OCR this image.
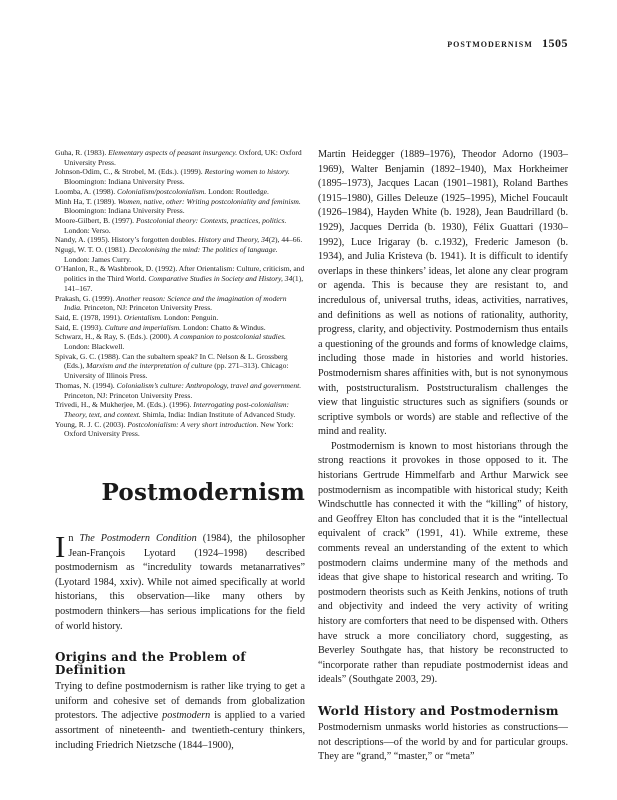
postmodernism 1505

Guha, R. (1983). Elementary aspects of peasant insurgency. Oxford, UK: Oxford University Press.

Johnson-Odim, C., & Strobel, M. (Eds.). (1999). Restoring women to history. Bloomington: Indiana University Press.

Loomba, A. (1998). Colonialism/postcolonialism. London: Routledge.

Minh Ha, T. (1989). Women, native, other: Writing postcoloniality and feminism. Bloomington: Indiana University Press.

Moore-Gilbert, B. (1997). Postcolonial theory: Contexts, practices, politics. London: Verso.

Nandy, A. (1995). History’s forgotten doubles. History and Theory, 34(2), 44–66.

Ngugi, W. T. O. (1981). Decolonising the mind: The politics of language. London: James Curry.

O’Hanlon, R., & Washbrook, D. (1992). After Orientalism: Culture, criticism, and politics in the Third World. Comparative Studies in Society and History, 34(1), 141–167.

Prakash, G. (1999). Another reason: Science and the imagination of modern India. Princeton, NJ: Princeton University Press.

Said, E. (1978, 1991). Orientalism. London: Penguin.

Said, E. (1993). Culture and imperialism. London: Chatto & Windus.

Schwarz, H., & Ray, S. (Eds.). (2000). A companion to postcolonial studies. London: Blackwell.

Spivak, G. C. (1988). Can the subaltern speak? In C. Nelson & L. Grossberg (Eds.), Marxism and the interpretation of culture (pp. 271–313). Chicago: University of Illinois Press.

Thomas, N. (1994). Colonialism’s culture: Anthropology, travel and government. Princeton, NJ: Princeton University Press.

Trivedi, H., & Mukherjee, M. (Eds.). (1996). Interrogating post-colonialism: Theory, text, and context. Shimla, India: Indian Institute of Advanced Study.

Young, R. J. C. (2003). Postcolonialism: A very short introduction. New York: Oxford University Press.

Postmodernism

In The Postmodern Condition (1984), the philosopher Jean-François Lyotard (1924–1998) described postmodernism as “incredulity towards metanarratives” (Lyotard 1984, xxiv). While not aimed specifically at world historians, this observation—like many others by postmodern thinkers—has serious implications for the field of world history.

Origins and the Problem of Definition

Trying to define postmodernism is rather like trying to get a uniform and cohesive set of demands from globalization protestors. The adjective postmodern is applied to a varied assortment of nineteenth- and twentieth-century thinkers, including Friedrich Nietzsche (1844–1900),

Martin Heidegger (1889–1976), Theodor Adorno (1903–1969), Walter Benjamin (1892–1940), Max Horkheimer (1895–1973), Jacques Lacan (1901–1981), Roland Barthes (1915–1980), Gilles Deleuze (1925–1995), Michel Foucault (1926–1984), Hayden White (b. 1928), Jean Baudrillard (b. 1929), Jacques Derrida (b. 1930), Félix Guattari (1930–1992), Luce Irigaray (b. c.1932), Frederic Jameson (b. 1934), and Julia Kristeva (b. 1941). It is difficult to identify overlaps in these thinkers’ ideas, let alone any clear program or agenda. This is because they are resistant to, and incredulous of, universal truths, ideas, activities, narratives, and definitions as well as notions of rationality, authority, progress, clarity, and objectivity. Postmodernism thus entails a questioning of the grounds and forms of knowledge claims, including those made in histories and world histories. Postmodernism shares affinities with, but is not synonymous with, poststructuralism. Poststructuralism challenges the view that linguistic structures such as signifiers (sounds or scriptive symbols or words) are stable and reflective of the mind and reality.

Postmodernism is known to most historians through the strong reactions it provokes in those opposed to it. The historians Gertrude Himmelfarb and Arthur Marwick see postmodernism as incompatible with historical study; Keith Windschuttle has connected it with the “killing” of history, and Geoffrey Elton has concluded that it is the “intellectual equivalent of crack” (1991, 41). While extreme, these comments reveal an understanding of the extent to which postmodern claims undermine many of the methods and ideas that give shape to historical research and writing. To postmodern theorists such as Keith Jenkins, notions of truth and objectivity and indeed the very activity of writing history are comforters that need to be dispensed with. Others have struck a more conciliatory chord, suggesting, as Beverley Southgate has, that history be reconstructed to “incorporate rather than repudiate postmodernist ideas and ideals” (Southgate 2003, 29).

World History and Postmodernism

Postmodernism unmasks world histories as constructions—not descriptions—of the world by and for particular groups. They are “grand,” “master,” or “meta”
